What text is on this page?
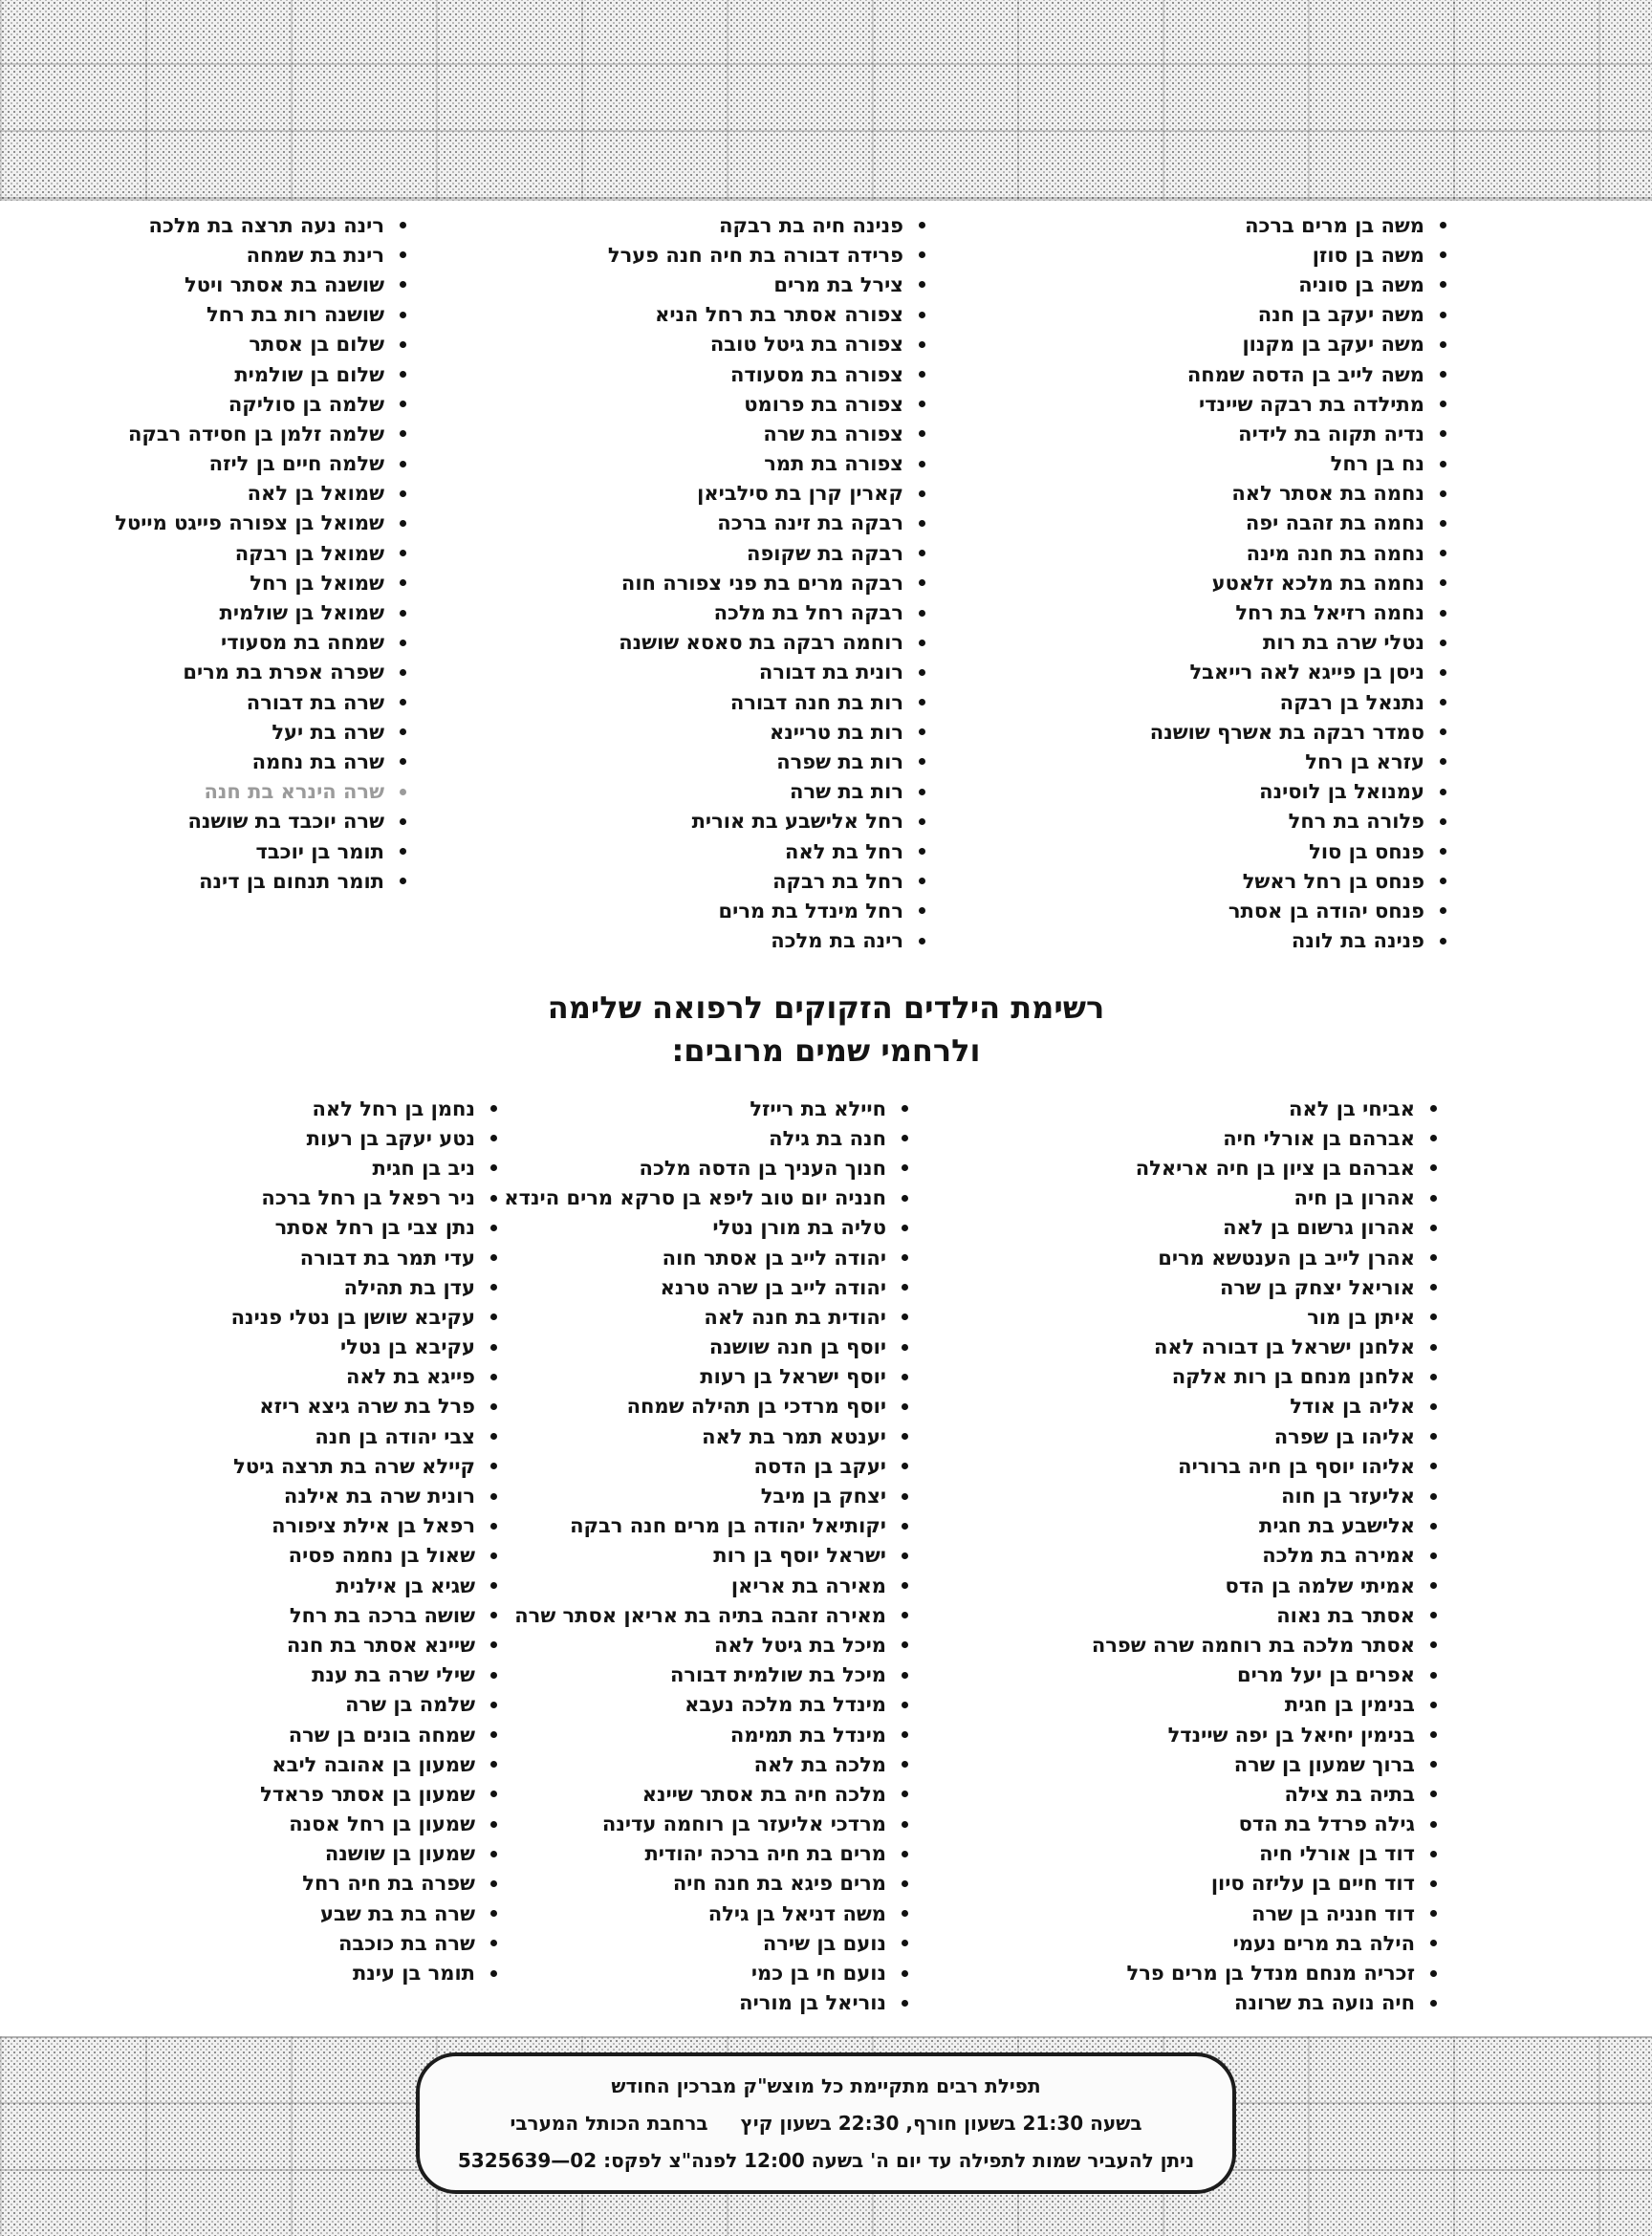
משה בן מרים ברכה
משה בן סוזן
משה בן סוניה
משה יעקב בן חנה
משה יעקב בן מקנון
משה לייב בן הדסה שמחה
מתילדה בת רבקה שיינדי
נדיה תקוה בת לידיה
נח בן רחל
נחמה בת אסתר לאה
נחמה בת זהבה יפה
נחמה בת חנה מינה
נחמה בת מלכא זלאטע
נחמה רזיאל בת רחל
נטלי שרה בת רות
ניסן בן פייגא לאה רייאבל
נתנאל בן רבקה
סמדר רבקה בת אשרף שושנה
עזרא בן רחל
עמנואל בן לוסינה
פלורה בת רחל
פנחס בן סול
פנחס בן רחל ראשל
פנחס יהודה בן אסתר
פנינה בת לונה
פנינה חיה בת רבקה
פרידה דבורה בת חיה חנה פערל
צירל בת מרים
צפורה אסתר בת רחל הניא
צפורה בת גיטל טובה
צפורה בת מסעודה
צפורה בת פרומט
צפורה בת שרה
צפורה בת תמר
קארין קרן בת סילביאן
רבקה בת זינה ברכה
רבקה בת שקופה
רבקה מרים בת פני צפורה חוה
רבקה רחל בת מלכה
רוחמה רבקה בת סאסא שושנה
רונית בת דבורה
רות בת חנה דבורה
רות בת טריינא
רות בת שפרה
רות בת שרה
רחל אלישבע בת אורית
רחל בת לאה
רחל בת רבקה
רחל מינדל בת מרים
רינה בת מלכה
רינה נעה תרצה בת מלכה
רינת בת שמחה
שושנה בת אסתר ויטל
שושנה רות בת רחל
שלום בן אסתר
שלום בן שולמית
שלמה בן סוליקה
שלמה זלמן בן חסידה רבקה
שלמה חיים בן ליזה
שמואל בן לאה
שמואל בן צפורה פייגט מייטל
שמואל בן רבקה
שמואל בן רחל
שמואל בן שולמית
שמחה בת מסעודי
שפרה אפרת בת מרים
שרה בת דבורה
שרה בת יעל
שרה בת נחמה
שרה הינרא בת חנה
שרה יוכבד בת שושנה
תומר בן יוכבד
תומר תנחום בן דינה
רשימת הילדים הזקוקים לרפואה שלימה
ולרחמי שמים מרובים:
אביחי בן לאה
אברהם בן אורלי חיה
אברהם בן ציון בן חיה אריאלה
אהרון בן חיה
אהרון גרשום בן לאה
אהרן לייב בן הענטשא מרים
אוריאל יצחק בן שרה
איתן בן מור
אלחנן ישראל בן דבורה לאה
אלחנן מנחם בן רות אלקה
אליה בן אודל
אליהו בן שפרה
אליהו יוסף בן חיה ברוריה
אליעזר בן חוה
אלישבע בת חגית
אמירה בת מלכה
אמיתי שלמה בן הדס
אסתר בת נאוה
אסתר מלכה בת רוחמה שרה שפרה
אפרים בן יעל מרים
בנימין בן חגית
בנימין יחיאל בן יפה שיינדל
ברוך שמעון בן שרה
בתיה בת צילה
גילה פרדל בת הדס
דוד בן אורלי חיה
דוד חיים בן עליזה סיון
דוד חנניה בן שרה
הילה בת מרים נעמי
זכריה מנחם מנדל בן מרים פרל
חיה נועה בת שרונה
חיילא בת רייזל
חנה בת גילה
חנוך העניך בן הדסה מלכה
חנניה יום טוב ליפא בן סרקא מרים הינדא
טליה בת מורן נטלי
יהודה לייב בן אסתר חוה
יהודה לייב בן שרה טרנא
יהודית בת חנה לאה
יוסף בן חנה שושנה
יוסף ישראל בן רעות
יוסף מרדכי בן תהילה שמחה
יענטא תמר בת לאה
יעקב בן הדסה
יצחק בן מיבל
יקותיאל יהודה בן מרים חנה רבקה
ישראל יוסף בן רות
מאירה בת אריאן
מאירה זהבה בתיה בת אריאן אסתר שרה
מיכל בת גיטל לאה
מיכל בת שולמית דבורה
מינדל בת מלכה נעבא
מינדל בת תמימה
מלכה בת לאה
מלכה חיה בת אסתר שיינא
מרדכי אליעזר בן רוחמה עדינה
מרים בת חיה ברכה יהודית
מרים פיגא בת חנה חיה
משה דניאל בן גילה
נועם בן שירה
נועם חי בן כמי
נוריאל בן מוריה
נחמן בן רחל לאה
נטע יעקב בן רעות
ניב בן חגית
ניר רפאל בן רחל ברכה
נתן צבי בן רחל אסתר
עדי תמר בת דבורה
עדן בת תהילה
עקיבא שושן בן נטלי פנינה
עקיבא בן נטלי
פייגא בת לאה
פרל בת שרה גיצא ריזא
צבי יהודה בן חנה
קיילא שרה בת תרצה גיטל
רונית שרה בת אילנה
רפאל בן אילת ציפורה
שאול בן נחמה פסיה
שגיא בן אילנית
שושה ברכה בת רחל
שיינא אסתר בת חנה
שילי שרה בת ענת
שלמה בן שרה
שמחה בונים בן שרה
שמעון בן אהובה ליבא
שמעון בן אסתר פראדל
שמעון בן רחל אסנה
שמעון בן שושנה
שפרה בת חיה רחל
שרה בת בת שבע
שרה בת כוכבה
תומר בן עינת
תפילת רבים מתקיימת כל מוצש"ק מברכין החודש
בשעה 21:30 בשעון חורף, 22:30 בשעון קיץברחבת הכותל המערבי
ניתן להעביר שמות לתפילה עד יום ה' בשעה 12:00 לפנה"צ לפקס: 02—5325639
